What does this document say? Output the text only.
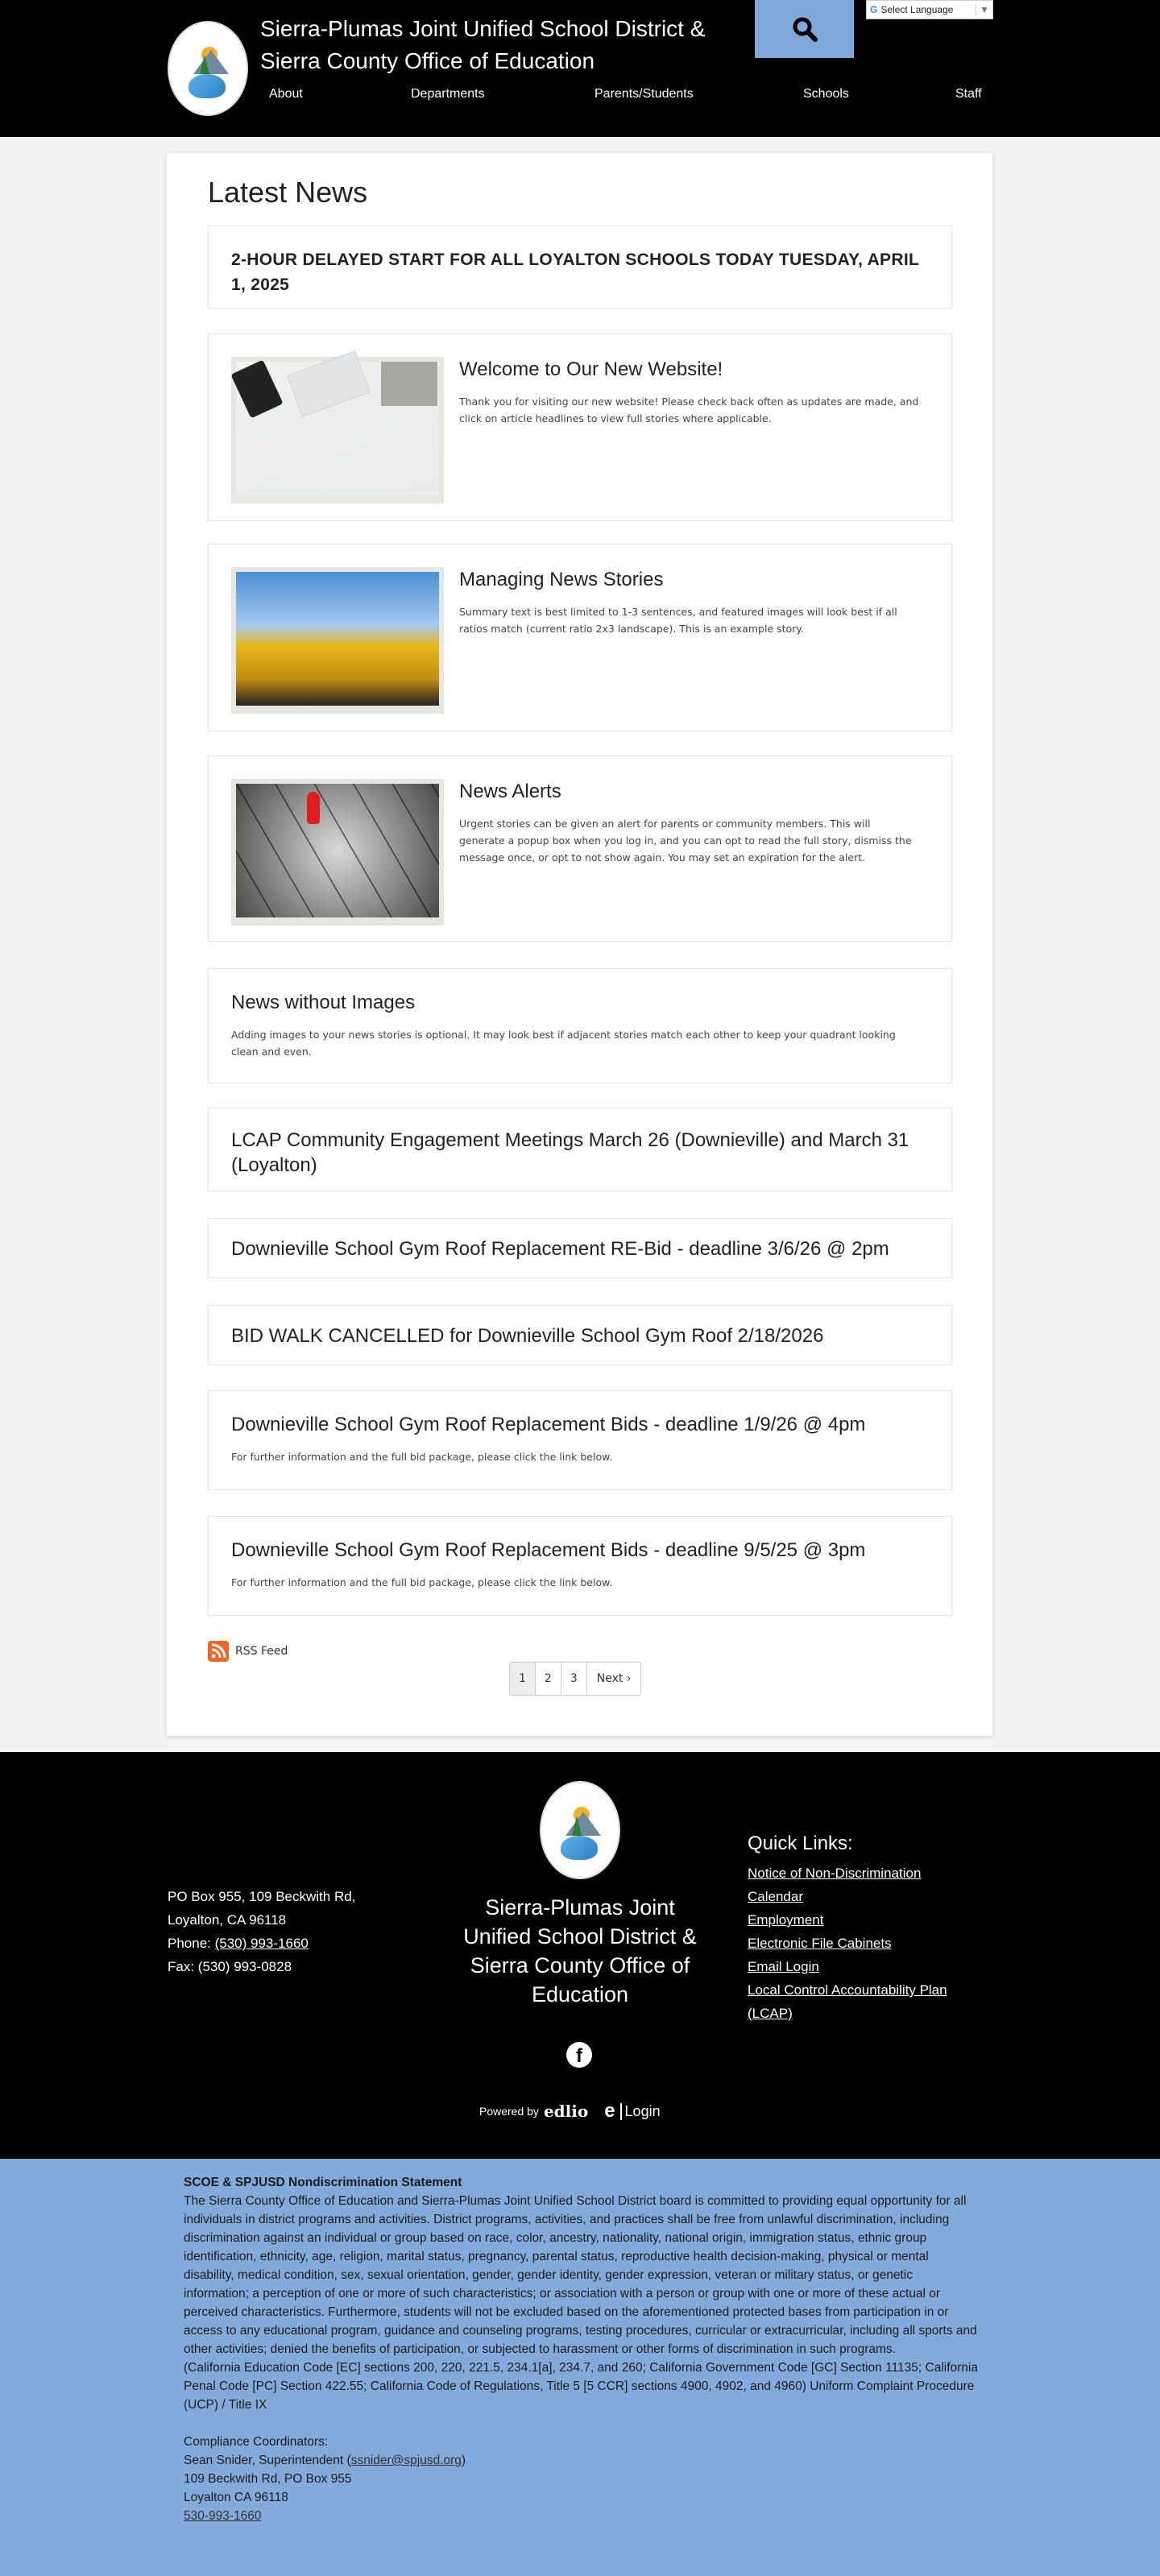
Sierra-Plumas Joint Unified School District &
Sierra County Office of Education
G Select Language	▼
About	Departments	Parents/Students	Schools	Staff
Latest News
2-HOUR DELAYED START FOR ALL LOYALTON SCHOOLS TODAY TUESDAY, APRIL 1, 2025
Welcome to Our New Website!

Thank you for visiting our new website! Please check back often as updates are made, and click on article headlines to view full stories where applicable.

Managing News Stories

Summary text is best limited to 1-3 sentences, and featured images will look best if all ratios match (current ratio 2x3 landscape). This is an example story.

News Alerts

Urgent stories can be given an alert for parents or community members. This will generate a popup box when you log in, and you can opt to read the full story, dismiss the message once, or opt to not show again. You may set an expiration for the alert.

News without Images

Adding images to your news stories is optional. It may look best if adjacent stories match each other to keep your quadrant looking clean and even.

LCAP Community Engagement Meetings March 26 (Downieville) and March 31 (Loyalton)
Downieville School Gym Roof Replacement RE-Bid - deadline 3/6/26 @ 2pm
BID WALK CANCELLED for Downieville School Gym Roof 2/18/2026
Downieville School Gym Roof Replacement Bids - deadline 1/9/26 @ 4pm

For further information and the full bid package, please click the link below.

Downieville School Gym Roof Replacement Bids - deadline 9/5/25 @ 3pm

For further information and the full bid package, please click the link below.

RSS Feed
1	2	3	Next ›
PO Box 955, 109 Beckwith Rd,
Loyalton, CA 96118
Phone: (530) 993-1660
Fax: (530) 993-0828
Sierra-Plumas Joint Unified School District & Sierra County Office of Education
Quick Links:
Notice of Non-Discrimination
Calendar
Employment
Electronic File Cabinets
Email Login
Local Control Accountability Plan (LCAP)
f
Powered by edlio e Login
SCOE & SPJUSD Nondiscrimination Statement
The Sierra County Office of Education and Sierra-Plumas Joint Unified School District board is committed to providing equal opportunity for all individuals in district programs and activities. District programs, activities, and practices shall be free from unlawful discrimination, including discrimination against an individual or group based on race, color, ancestry, nationality, national origin, immigration status, ethnic group identification, ethnicity, age, religion, marital status, pregnancy, parental status, reproductive health decision-making, physical or mental disability, medical condition, sex, sexual orientation, gender, gender identity, gender expression, veteran or military status, or genetic information; a perception of one or more of such characteristics; or association with a person or group with one or more of these actual or perceived characteristics. Furthermore, students will not be excluded based on the aforementioned protected bases from participation in or access to any educational program, guidance and counseling programs, testing procedures, curricular or extracurricular, including all sports and other activities; denied the benefits of participation, or subjected to harassment or other forms of discrimination in such programs.
(California Education Code [EC] sections 200, 220, 221.5, 234.1[a], 234.7, and 260; California Government Code [GC] Section 11135; California Penal Code [PC] Section 422.55; California Code of Regulations, Title 5 [5 CCR] sections 4900, 4902, and 4960) Uniform Complaint Procedure (UCP) / Title IX
Compliance Coordinators:
Sean Snider, Superintendent (ssnider@spjusd.org)
109 Beckwith Rd, PO Box 955
Loyalton CA 96118
530-993-1660
